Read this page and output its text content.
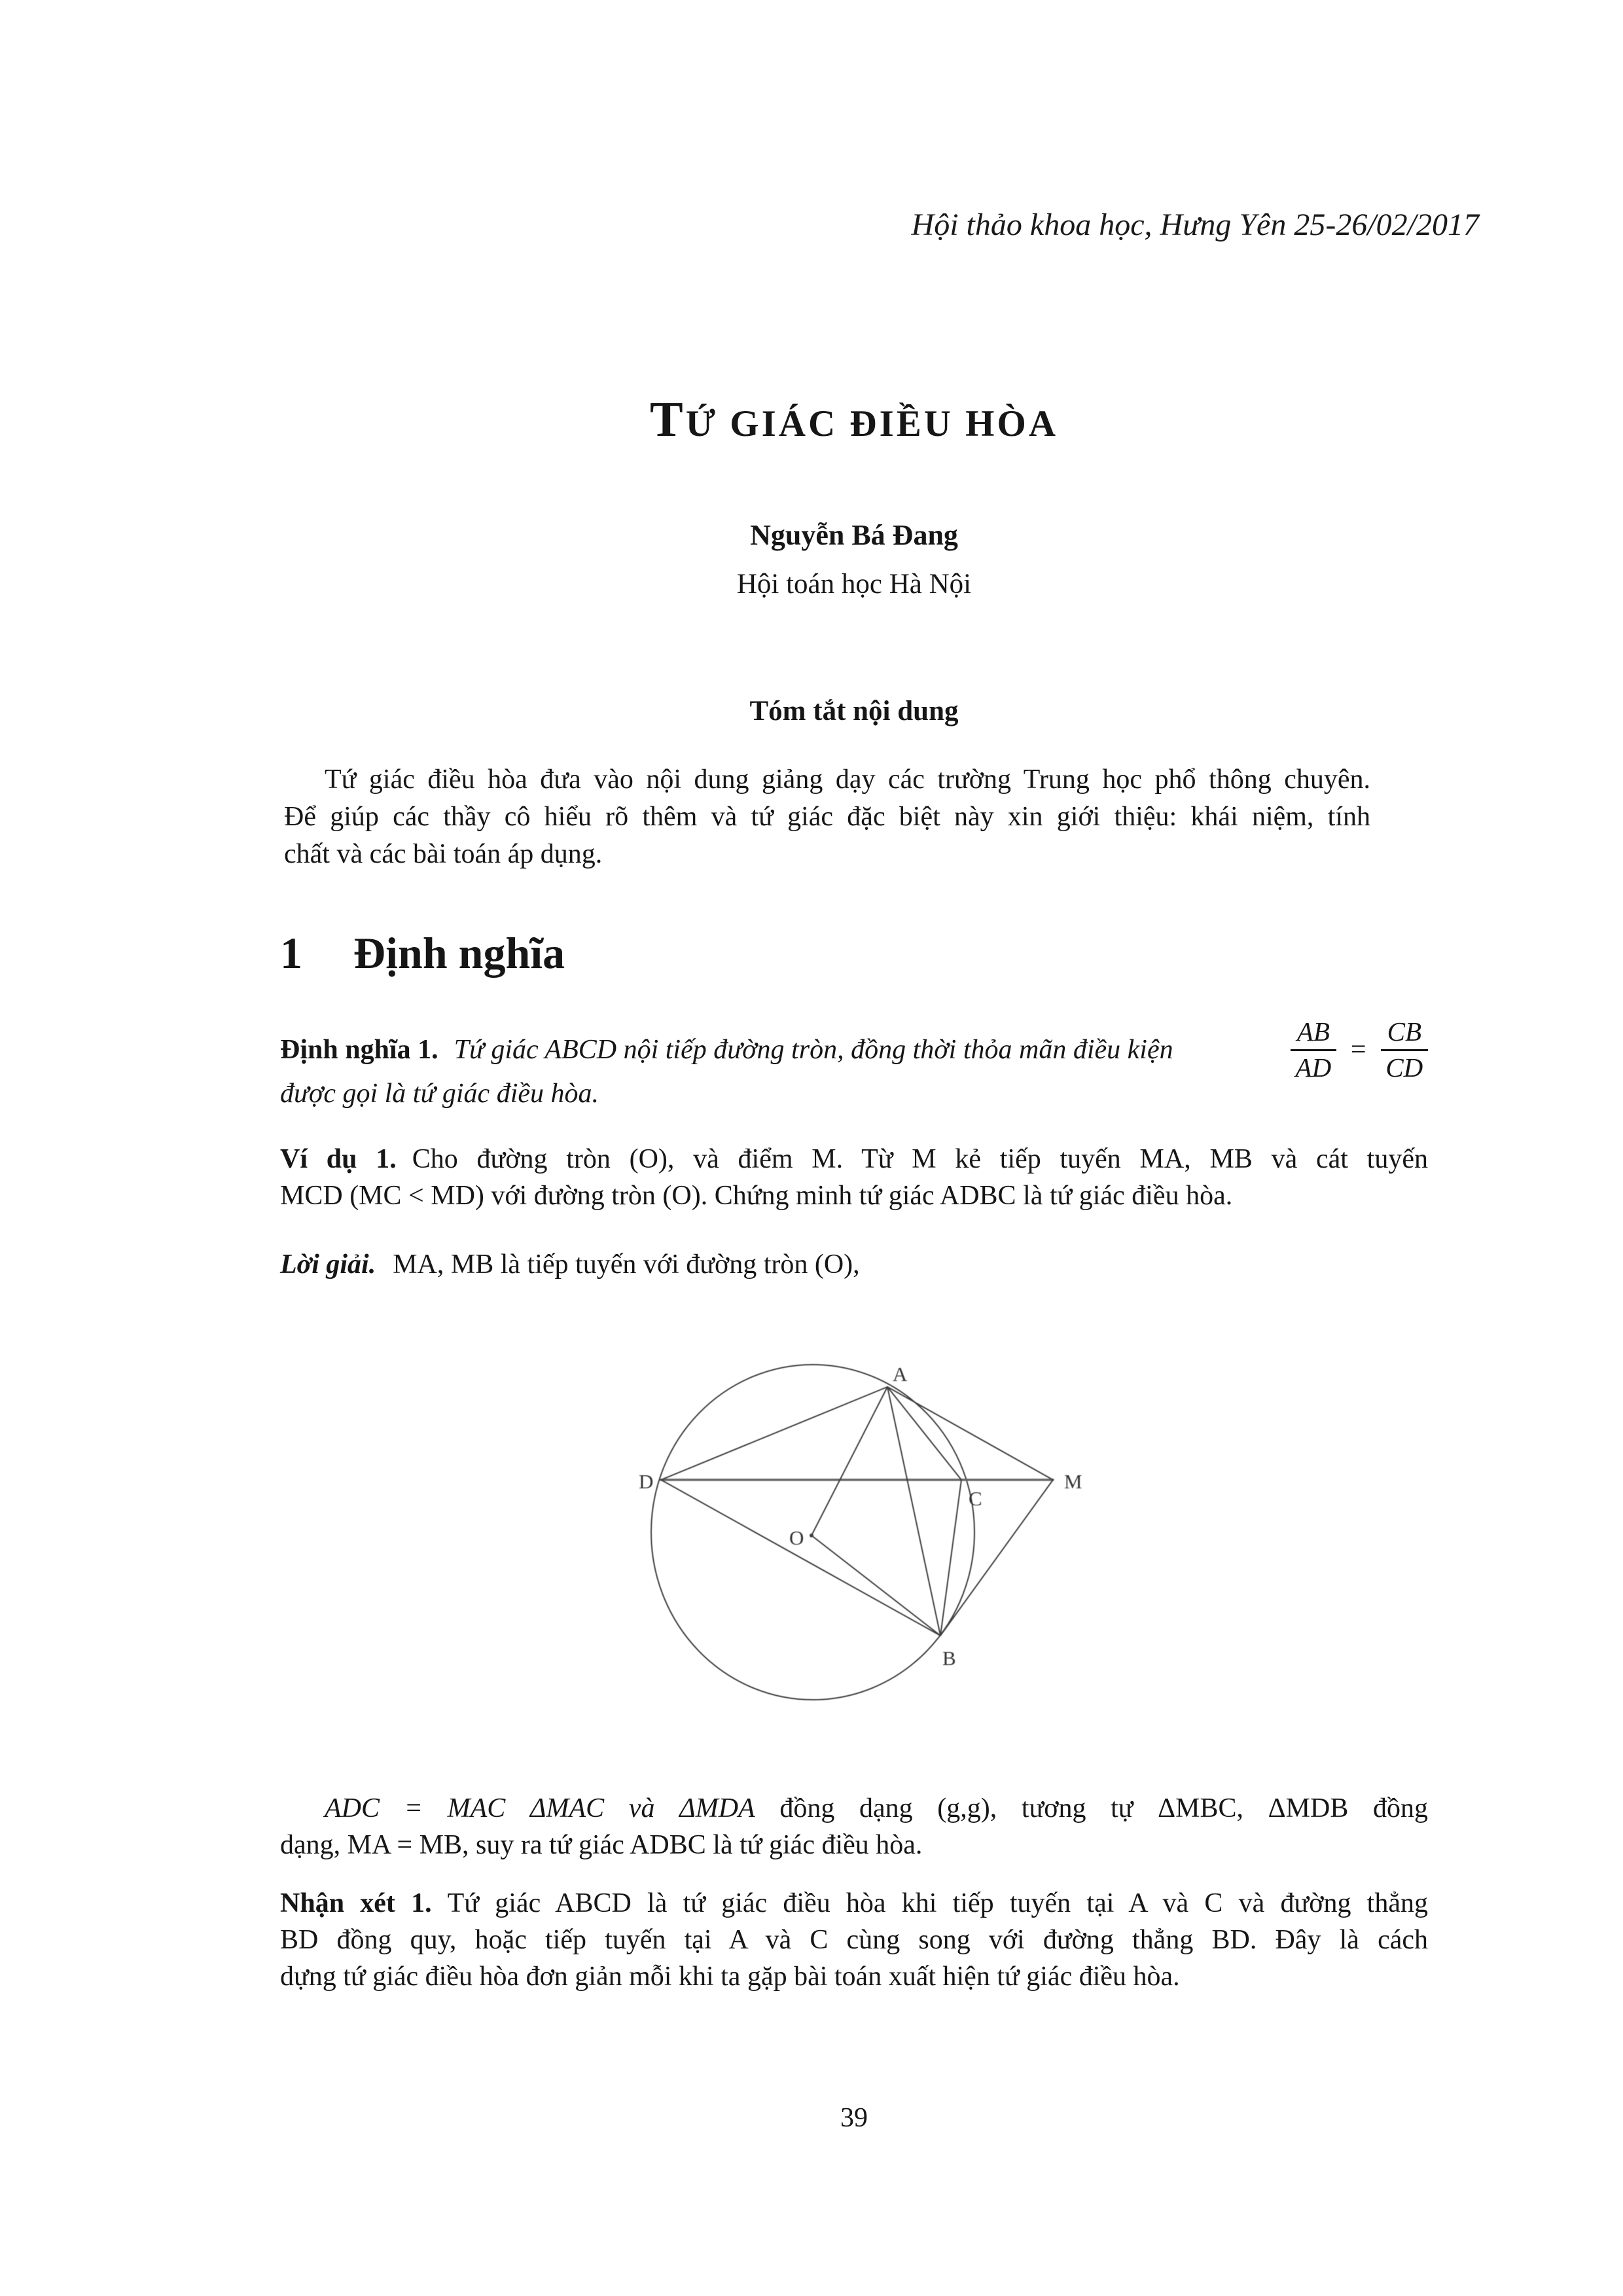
Hội thảo khoa học, Hưng Yên 25-26/02/2017
TỨ GIÁC ĐIỀU HÒA
Nguyễn Bá Đang
Hội toán học Hà Nội
Tóm tắt nội dung
Tứ giác điều hòa đưa vào nội dung giảng dạy các trường Trung học phổ thông chuyên.
Để giúp các thầy cô hiểu rõ thêm và tứ giác đặc biệt này xin giới thiệu: khái niệm, tính
chất và các bài toán áp dụng.
1 Định nghĩa
Định nghĩa 1. Tứ giác ABCD nội tiếp đường tròn, đồng thời thỏa mãn điều kiện	$\frac{AB}{AD} = \frac{CB}{CD}$
được gọi là tứ giác điều hòa.
Ví dụ 1. Cho đường tròn (O), và điểm M. Từ M kẻ tiếp tuyến MA, MB và cát tuyến
MCD (MC < MD) với đường tròn (O). Chứng minh tứ giác ADBC là tứ giác điều hòa.
Lời giải. MA, MB là tiếp tuyến với đường tròn (O),
A
D
C
M
O
B
ADC = MAC ΔMAC và ΔMDA đồng dạng (g,g), tương tự ΔMBC, ΔMDB đồng
dạng, MA = MB, suy ra tứ giác ADBC là tứ giác điều hòa.
Nhận xét 1. Tứ giác ABCD là tứ giác điều hòa khi tiếp tuyến tại A và C và đường thẳng
BD đồng quy, hoặc tiếp tuyến tại A và C cùng song với đường thẳng BD. Đây là cách
dựng tứ giác điều hòa đơn giản mỗi khi ta gặp bài toán xuất hiện tứ giác điều hòa.
39
